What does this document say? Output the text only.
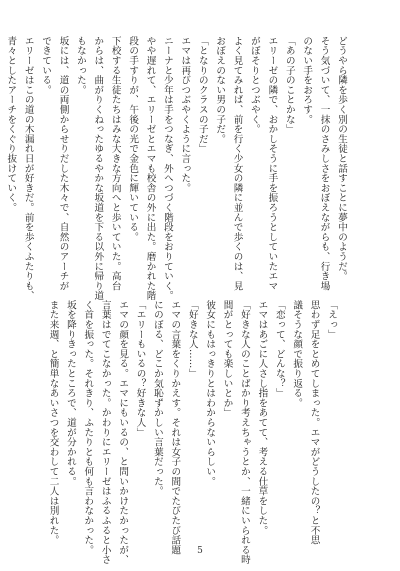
どうやら隣を歩く別の生徒と話すことに夢中のようだ。
そう気づいて、一抹のさみしさをおぼえながらも、行き場
のない手をおろす。
「あの子のことかな」
エリーゼの隣で、おかしそうに手を振ろうとしていたエマ
がぼそりとつぶやく。
よく見てみれば、前を行く少女の隣に並んで歩くのは、見
おぼえのない男の子だ。
「となりのクラスの子だ」
エマは再びつぶやくように言った。
ニーナと少年は手をつなぎ、外へつづく階段をおりていく。
やや遅れて、エリーゼとエマも校舎の外に出た。磨かれた階
段の手すりが、午後の光で金色に輝いている。
下校する生徒たちはみな大きな方向へと歩いていた。高台
からは、曲がりくねったゆるやかな坂道を下る以外に帰り道
もなかった。
坂には、道の両側からせりだした木々で、自然のアーチが
できている。
エリーゼはこの道の木漏れ日が好きだ。前を歩くふたりも、
青々としたアーチをくぐり抜けていく。
「えっ」
思わず足をとめてしまった。エマがどうしたの？と不思
議そうな顔で振り返る。
「恋って、どんな？」
エマはあごに人さし指をあてて、考える仕草をした。
「好きな人のことばかり考えちゃうとか、一緒にいられる時
間がとっても楽しいとか」
彼女にもはっきりとはわからないらしい。
「好きな人……」
エマの言葉をくりかえす。それは女子の間でたびたび話題
にのぼる、どこか気恥ずかしい言葉だった。
「エリーもいるの？好きな人」
エマの顔を見る。エマにもいるの、と問いかけたかったが、
言葉はでてこなかった。かわりにエリーゼはふるふると小さ
く首を振った。それきり、ふたりとも何も言わなかった。
坂を降りきったところで、道が分かれる。
また来週、と簡単なあいさつを交わして二人は別れた。
5
